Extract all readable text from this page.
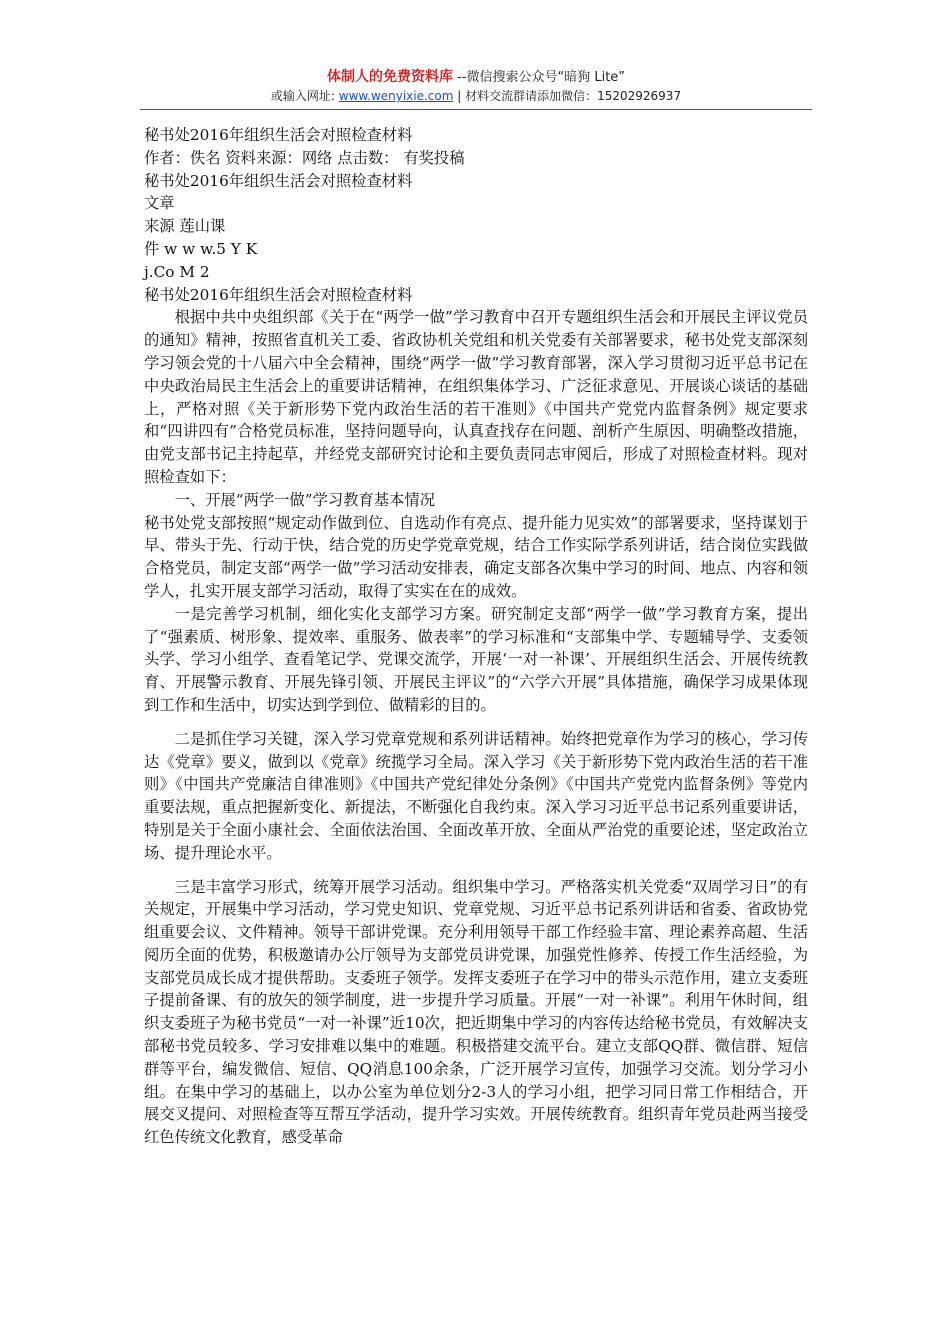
体制人的免费资料库 --微信搜索公众号“暗狗 Lite”
或输入网址: www.wenyixie.com | 材料交流群请添加微信：15202926937

秘书处2016年组织生活会对照检查材料

作者：佚名 资料来源：网络 点击数： 有奖投稿

秘书处2016年组织生活会对照检查材料

文章

来源 莲山课

件 w w w.5 Y K

j.Co M 2

秘书处2016年组织生活会对照检查材料

根据中共中央组织部《关于在“两学一做”学习教育中召开专题组织生活会和开展民主评议党员的通知》精神，按照省直机关工委、省政协机关党组和机关党委有关部署要求，秘书处党支部深刻学习领会党的十八届六中全会精神，围绕“两学一做”学习教育部署，深入学习贯彻习近平总书记在中央政治局民主生活会上的重要讲话精神，在组织集体学习、广泛征求意见、开展谈心谈话的基础上，严格对照《关于新形势下党内政治生活的若干准则》《中国共产党党内监督条例》规定要求和“四讲四有”合格党员标准，坚持问题导向，认真查找存在问题、剖析产生原因、明确整改措施，由党支部书记主持起草，并经党支部研究讨论和主要负责同志审阅后，形成了对照检查材料。现对照检查如下：

一、开展“两学一做”学习教育基本情况

秘书处党支部按照“规定动作做到位、自选动作有亮点、提升能力见实效”的部署要求，坚持谋划于早、带头于先、行动于快，结合党的历史学党章党规，结合工作实际学系列讲话，结合岗位实践做合格党员，制定支部“两学一做”学习活动安排表，确定支部各次集中学习的时间、地点、内容和领学人，扎实开展支部学习活动，取得了实实在在的成效。

一是完善学习机制，细化实化支部学习方案。研究制定支部“两学一做”学习教育方案，提出了“强素质、树形象、提效率、重服务、做表率”的学习标准和“支部集中学、专题辅导学、支委领头学、学习小组学、查看笔记学、党课交流学，开展‘一对一补课’、开展组织生活会、开展传统教育、开展警示教育、开展先锋引领、开展民主评议”的“六学六开展”具体措施，确保学习成果体现到工作和生活中，切实达到学到位、做精彩的目的。

二是抓住学习关键，深入学习党章党规和系列讲话精神。始终把党章作为学习的核心，学习传达《党章》要义，做到以《党章》统揽学习全局。深入学习《关于新形势下党内政治生活的若干准则》《中国共产党廉洁自律准则》《中国共产党纪律处分条例》《中国共产党党内监督条例》等党内重要法规，重点把握新变化、新提法，不断强化自我约束。深入学习习近平总书记系列重要讲话，特别是关于全面小康社会、全面依法治国、全面改革开放、全面从严治党的重要论述，坚定政治立场、提升理论水平。

三是丰富学习形式，统筹开展学习活动。组织集中学习。严格落实机关党委“双周学习日”的有关规定，开展集中学习活动，学习党史知识、党章党规、习近平总书记系列讲话和省委、省政协党组重要会议、文件精神。领导干部讲党课。充分利用领导干部工作经验丰富、理论素养高超、生活阅历全面的优势，积极邀请办公厅领导为支部党员讲党课，加强党性修养、传授工作生活经验，为支部党员成长成才提供帮助。支委班子领学。发挥支委班子在学习中的带头示范作用，建立支委班子提前备课、有的放矢的领学制度，进一步提升学习质量。开展“一对一补课”。利用午休时间，组织支委班子为秘书党员“一对一补课”近10次，把近期集中学习的内容传达给秘书党员，有效解决支部秘书党员较多、学习安排难以集中的难题。积极搭建交流平台。建立支部QQ群、微信群、短信群等平台，编发微信、短信、QQ消息100余条，广泛开展学习宣传，加强学习交流。划分学习小组。在集中学习的基础上，以办公室为单位划分2-3人的学习小组，把学习同日常工作相结合，开展交叉提问、对照检查等互帮互学活动，提升学习实效。开展传统教育。组织青年党员赴两当接受红色传统文化教育，感受革命
